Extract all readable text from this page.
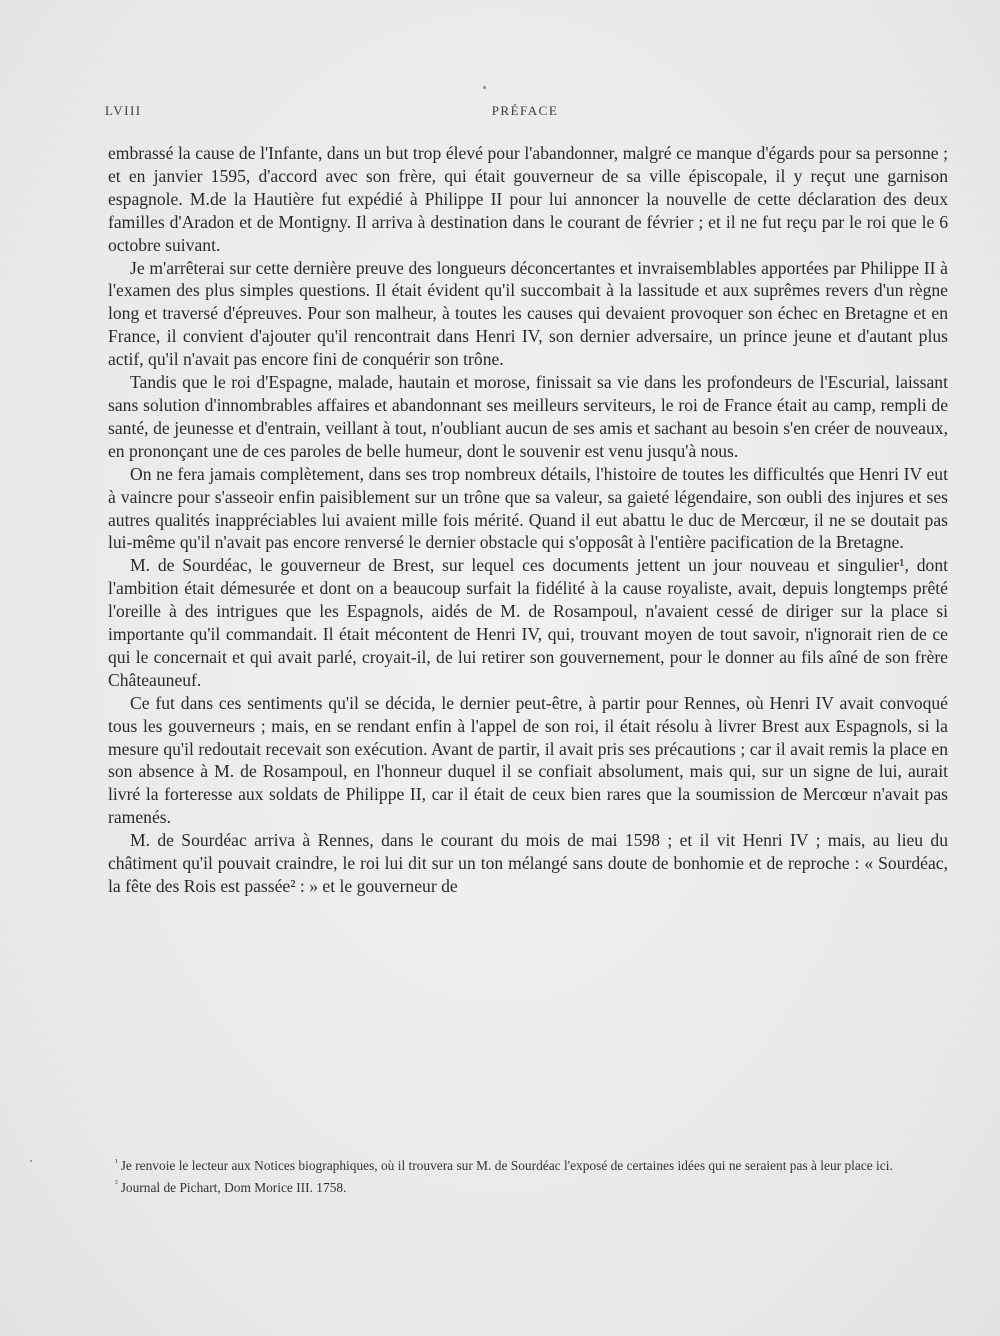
LVIII	PRÉFACE

embrassé la cause de l'Infante, dans un but trop élevé pour l'abandonner, malgré ce manque d'égards pour sa personne ; et en janvier 1595, d'accord avec son frère, qui était gouverneur de sa ville épiscopale, il y reçut une garnison espagnole. M.de la Hautière fut expédié à Philippe II pour lui annoncer la nouvelle de cette déclaration des deux familles d'Aradon et de Montigny. Il arriva à destination dans le courant de février ; et il ne fut reçu par le roi que le 6 octobre suivant.

Je m'arrêterai sur cette dernière preuve des longueurs déconcertantes et invraisemblables apportées par Philippe II à l'examen des plus simples questions. Il était évident qu'il succombait à la lassitude et aux suprêmes revers d'un règne long et traversé d'épreuves. Pour son malheur, à toutes les causes qui devaient provoquer son échec en Bretagne et en France, il convient d'ajouter qu'il rencontrait dans Henri IV, son dernier adversaire, un prince jeune et d'autant plus actif, qu'il n'avait pas encore fini de conquérir son trône.

Tandis que le roi d'Espagne, malade, hautain et morose, finissait sa vie dans les profondeurs de l'Escurial, laissant sans solution d'innombrables affaires et abandonnant ses meilleurs serviteurs, le roi de France était au camp, rempli de santé, de jeunesse et d'entrain, veillant à tout, n'oubliant aucun de ses amis et sachant au besoin s'en créer de nouveaux, en prononçant une de ces paroles de belle humeur, dont le souvenir est venu jusqu'à nous.

On ne fera jamais complètement, dans ses trop nombreux détails, l'histoire de toutes les difficultés que Henri IV eut à vaincre pour s'asseoir enfin paisiblement sur un trône que sa valeur, sa gaieté légendaire, son oubli des injures et ses autres qualités inappréciables lui avaient mille fois mérité. Quand il eut abattu le duc de Mercœur, il ne se doutait pas lui-même qu'il n'avait pas encore renversé le dernier obstacle qui s'opposât à l'entière pacification de la Bretagne.

M. de Sourdéac, le gouverneur de Brest, sur lequel ces documents jettent un jour nouveau et singulier¹, dont l'ambition était démesurée et dont on a beaucoup surfait la fidélité à la cause royaliste, avait, depuis longtemps prêté l'oreille à des intrigues que les Espagnols, aidés de M. de Rosampoul, n'avaient cessé de diriger sur la place si importante qu'il commandait. Il était mécontent de Henri IV, qui, trouvant moyen de tout savoir, n'ignorait rien de ce qui le concernait et qui avait parlé, croyait-il, de lui retirer son gouvernement, pour le donner au fils aîné de son frère Châteauneuf.

Ce fut dans ces sentiments qu'il se décida, le dernier peut-être, à partir pour Rennes, où Henri IV avait convoqué tous les gouverneurs ; mais, en se rendant enfin à l'appel de son roi, il était résolu à livrer Brest aux Espagnols, si la mesure qu'il redoutait recevait son exécution. Avant de partir, il avait pris ses précautions ; car il avait remis la place en son absence à M. de Rosampoul, en l'honneur duquel il se confiait absolument, mais qui, sur un signe de lui, aurait livré la forteresse aux soldats de Philippe II, car il était de ceux bien rares que la soumission de Mercœur n'avait pas ramenés.

M. de Sourdéac arriva à Rennes, dans le courant du mois de mai 1598 ; et il vit Henri IV ; mais, au lieu du châtiment qu'il pouvait craindre, le roi lui dit sur un ton mélangé sans doute de bonhomie et de reproche : « Sourdéac, la fête des Rois est passée² : » et le gouverneur de

$^{^1}$ Je renvoie le lecteur aux Notices biographiques, où il trouvera sur M. de Sourdéac l'exposé de certaines idées qui ne seraient pas à leur place ici.

$^{^2}$ Journal de Pichart, Dom Morice III. 1758.
